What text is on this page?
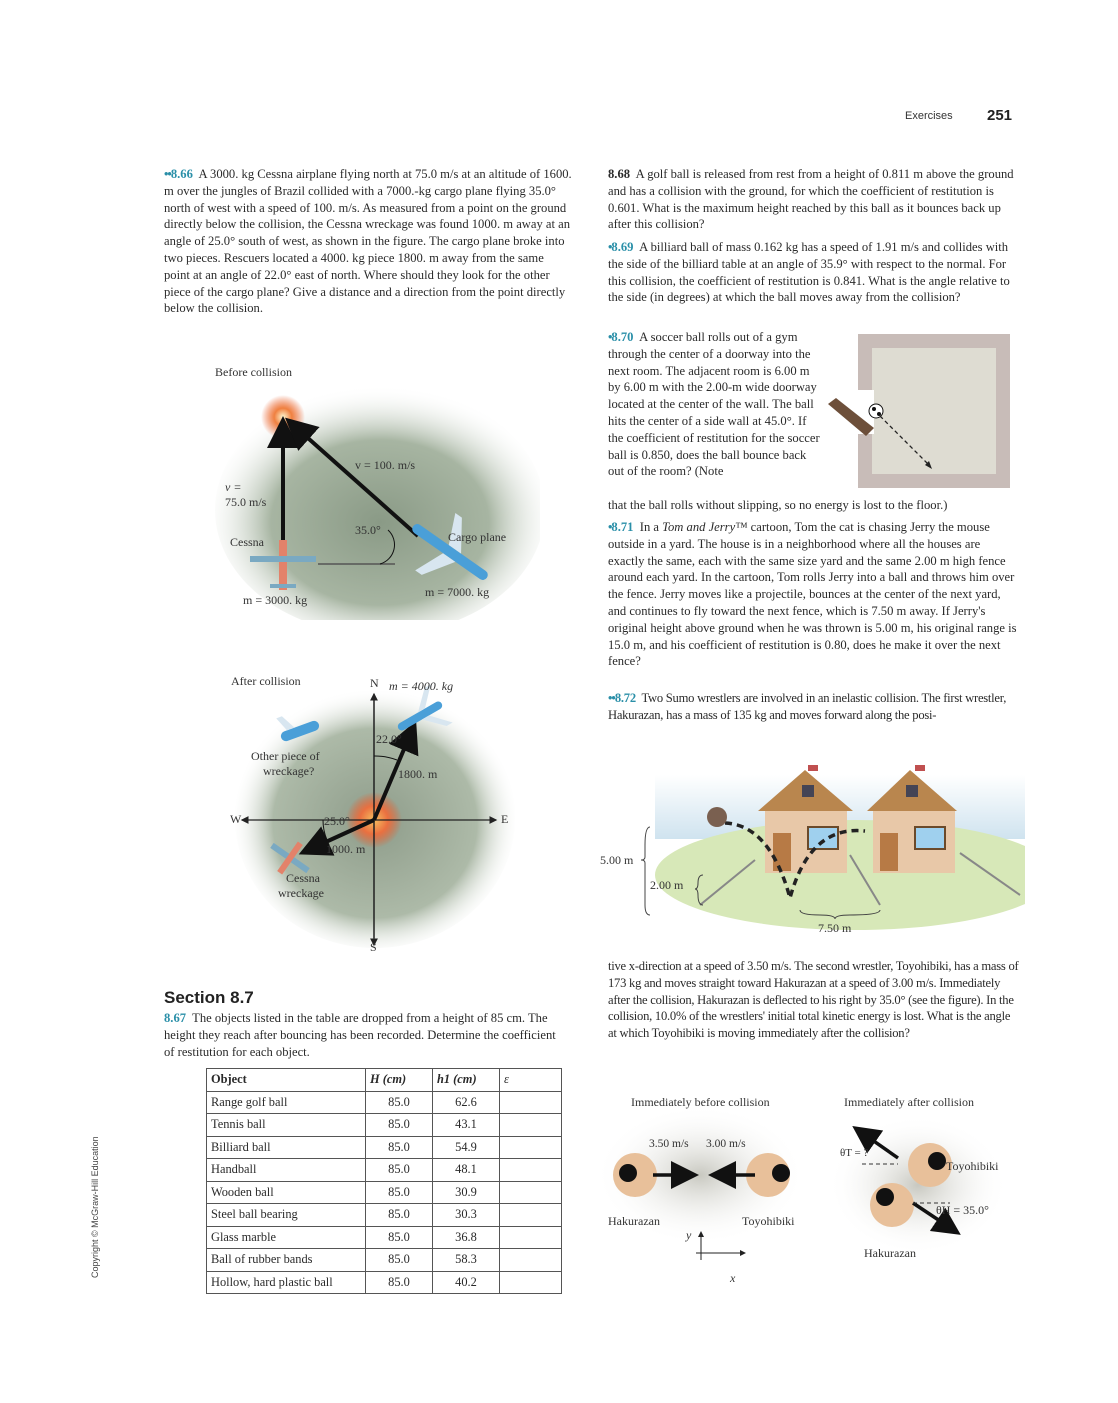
Exercises 251
Copyright © McGraw-Hill Education
••8.66 A 3000. kg Cessna airplane flying north at 75.0 m/s at an altitude of 1600. m over the jungles of Brazil collided with a 7000.-kg cargo plane flying 35.0° north of west with a speed of 100. m/s. As measured from a point on the ground directly below the collision, the Cessna wreckage was found 1000. m away at an angle of 25.0° south of west, as shown in the figure. The cargo plane broke into two pieces. Rescuers located a 4000. kg piece 1800. m away from the same point at an angle of 22.0° east of north. Where should they look for the other piece of the cargo plane? Give a distance and a direction from the point directly below the collision.
Before collision
v =
75.0 m/s
v = 100. m/s
35.0°
Cessna	Cargo plane
m = 3000. kg
m = 7000. kg
After collision	N
S
E
W
m = 4000. kg
22.0°
1800. m
Other piece of
wreckage?
25.0°
1000. m
Cessna
wreckage
Section 8.7
8.67 The objects listed in the table are dropped from a height of 85 cm. The height they reach after bouncing has been recorded. Determine the coefficient of restitution for each object.
Object	H (cm)	h1 (cm)	ε
Range golf ball	85.0	62.6	
Tennis ball	85.0	43.1	
Billiard ball	85.0	54.9	
Handball	85.0	48.1	
Wooden ball	85.0	30.9	
Steel ball bearing	85.0	30.3	
Glass marble	85.0	36.8	
Ball of rubber bands	85.0	58.3	
Hollow, hard plastic ball	85.0	40.2	
8.68 A golf ball is released from rest from a height of 0.811 m above the ground and has a collision with the ground, for which the coefficient of restitution is 0.601. What is the maximum height reached by this ball as it bounces back up after this collision?
•8.69 A billiard ball of mass 0.162 kg has a speed of 1.91 m/s and collides with the side of the billiard table at an angle of 35.9° with respect to the normal. For this collision, the coefficient of restitution is 0.841. What is the angle relative to the side (in degrees) at which the ball moves away from the collision?
•8.70 A soccer ball rolls out of a gym through the center of a doorway into the next room. The adjacent room is 6.00 m by 6.00 m with the 2.00-m wide doorway located at the center of the wall. The ball hits the center of a side wall at 45.0°. If the coefficient of restitution for the soccer ball is 0.850, does the ball bounce back out of the room? (Note
that the ball rolls without slipping, so no energy is lost to the floor.)
•8.71 In a Tom and Jerry™ cartoon, Tom the cat is chasing Jerry the mouse outside in a yard. The house is in a neighborhood where all the houses are exactly the same, each with the same size yard and the same 2.00 m high fence around each yard. In the cartoon, Tom rolls Jerry into a ball and throws him over the fence. Jerry moves like a projectile, bounces at the center of the next yard, and continues to fly toward the next fence, which is 7.50 m away. If Jerry's original height above ground when he was thrown is 5.00 m, his original range is 15.0 m, and his coefficient of restitution is 0.80, does he make it over the next fence?
••8.72 Two Sumo wrestlers are involved in an inelastic collision. The first wrestler, Hakurazan, has a mass of 135 kg and moves forward along the posi-
tive x-direction at a speed of 3.50 m/s. The second wrestler, Toyohibiki, has a mass of 173 kg and moves straight toward Hakurazan at a speed of 3.00 m/s. Immediately after the collision, Hakurazan is deflected to his right by 35.0° (see the figure). In the collision, 10.0% of the wrestlers' initial total kinetic energy is lost. What is the angle at which Toyohibiki is moving immediately after the collision?
5.00 m
2.00 m
7.50 m
Immediately before collision	Immediately after collision
3.50 m/s 3.00 m/s
Hakurazan	Toyohibiki
y
x
θT = ?
Toyohibiki
θH = 35.0°
Hakurazan
